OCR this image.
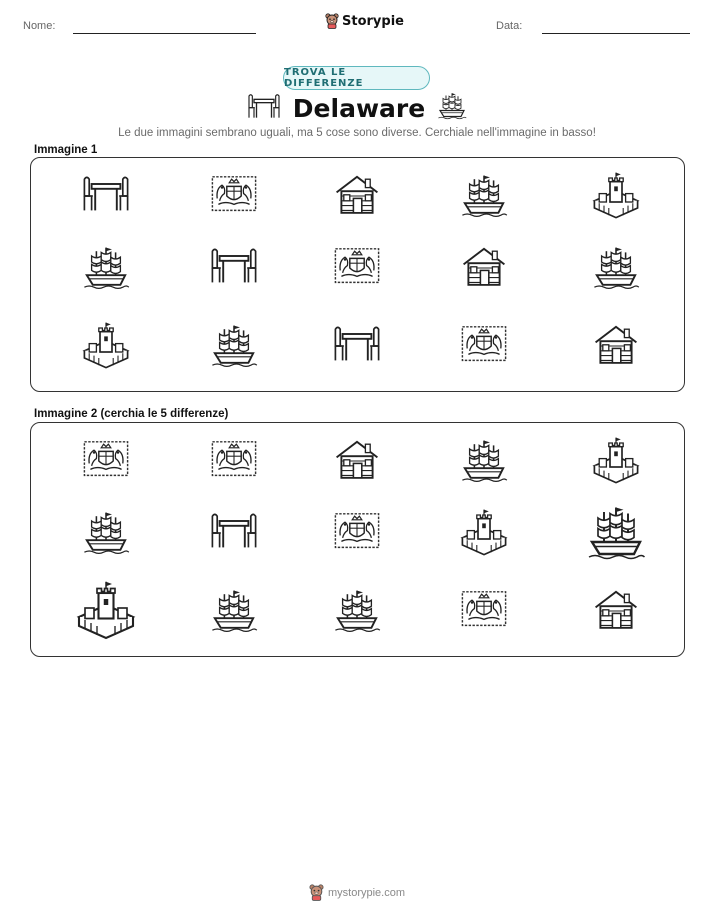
Nome:	Storypie	Data:
TROVA LE DIFFERENZE
Delaware
Le due immagini sembrano uguali, ma 5 cose sono diverse. Cerchiale nell'immagine in basso!
Immagine 1
Immagine 2 (cerchia le 5 differenze)
mystorypie.com
